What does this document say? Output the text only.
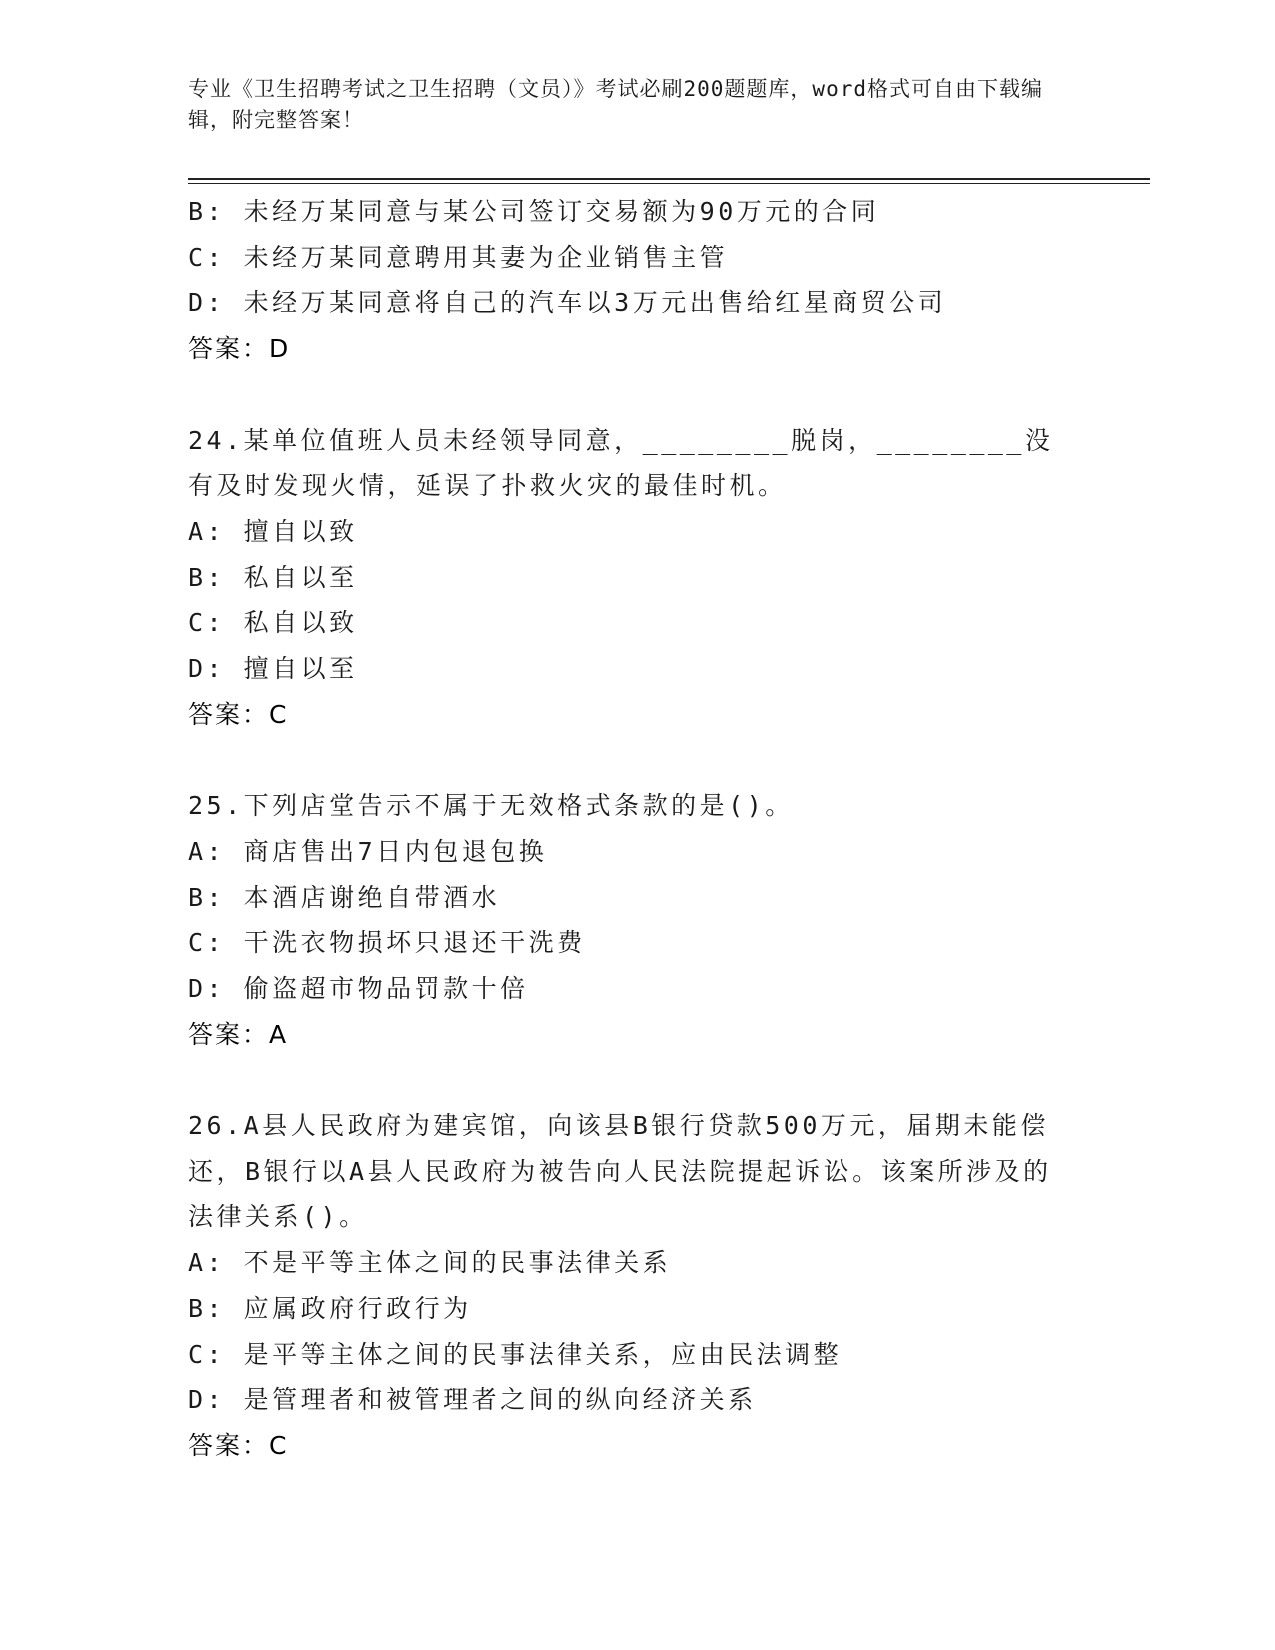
专业《卫生招聘考试之卫生招聘（文员）》考试必刷200题题库，word格式可自由下载编辑，附完整答案！
B: 未经万某同意与某公司签订交易额为90万元的合同
C: 未经万某同意聘用其妻为企业销售主管
D: 未经万某同意将自己的汽车以3万元出售给红星商贸公司
答案：D
24.某单位值班人员未经领导同意，________脱岗，________没有及时发现火情，延误了扑救火灾的最佳时机。
A: 擅自以致
B: 私自以至
C: 私自以致
D: 擅自以至
答案：C
25.下列店堂告示不属于无效格式条款的是()。
A: 商店售出7日内包退包换
B: 本酒店谢绝自带酒水
C: 干洗衣物损坏只退还干洗费
D: 偷盗超市物品罚款十倍
答案：A
26.A县人民政府为建宾馆，向该县B银行贷款500万元，届期未能偿还，B银行以A县人民政府为被告向人民法院提起诉讼。该案所涉及的法律关系()。
A: 不是平等主体之间的民事法律关系
B: 应属政府行政行为
C: 是平等主体之间的民事法律关系，应由民法调整
D: 是管理者和被管理者之间的纵向经济关系
答案：C
